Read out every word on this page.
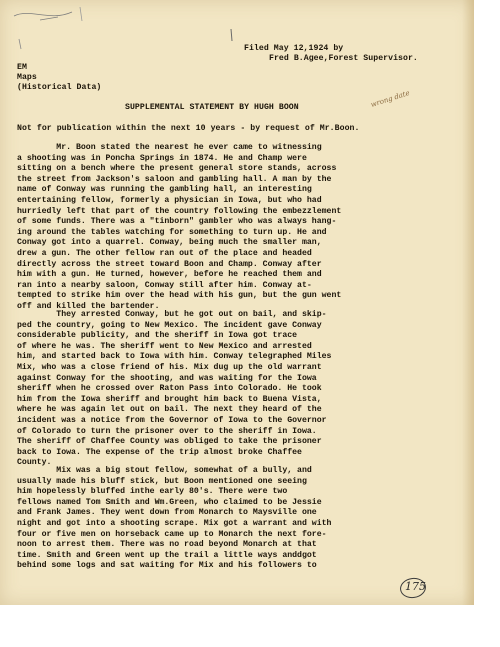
Filed May 12,1924 by

Fred B.Agee,Forest Supervisor.

EM

Maps

(Historical Data)

wrong date

SUPPLEMENTAL STATEMENT BY HUGH BOON

Not for publication within the next 10 years - by request of Mr.Boon.

Mr. Boon stated the nearest he ever came to witnessing
a shooting was in Poncha Springs in 1874. He and Champ were
sitting on a bench where the present general store stands, across
the street from Jackson's saloon and gambling hall. A man by the
name of Conway was running the gambling hall, an interesting
entertaining fellow, formerly a physician in Iowa, but who had
hurriedly left that part of the country following the embezzlement
of some funds. There was a "tinborn" gambler who was always hang-
ing around the tables watching for something to turn up. He and
Conway got into a quarrel. Conway, being much the smaller man,
drew a gun. The other fellow ran out of the place and headed
directly across the street toward Boon and Champ. Conway after
him with a gun. He turned, however, before he reached them and
ran into a nearby saloon, Conway still after him. Conway at-
tempted to strike him over the head with his gun, but the gun went
off and killed the bartender.
They arrested Conway, but he got out on bail, and skip-
ped the country, going to New Mexico. The incident gave Conway
considerable publicity, and the sheriff in Iowa got trace
of where he was. The sheriff went to New Mexico and arrested
him, and started back to Iowa with him. Conway telegraphed Miles
Mix, who was a close friend of his. Mix dug up the old warrant
against Conway for the shooting, and was waiting for the Iowa
sheriff when he crossed over Raton Pass into Colorado. He took
him from the Iowa sheriff and brought him back to Buena Vista,
where he was again let out on bail. The next they heard of the
incident was a notice from the Governor of Iowa to the Governor
of Colorado to turn the prisoner over to the sheriff in Iowa.
The sheriff of Chaffee County was obliged to take the prisoner
back to Iowa. The expense of the trip almost broke Chaffee
County.
Mix was a big stout fellow, somewhat of a bully, and
usually made his bluff stick, but Boon mentioned one seeing
him hopelessly bluffed inthe early 80's. There were two
fellows named Tom Smith and Wm.Green, who claimed to be Jessie
and Frank James. They went down from Monarch to Maysville one
night and got into a shooting scrape. Mix got a warrant and with
four or five men on horseback came up to Monarch the next fore-
noon to arrest them. There was no road beyond Monarch at that
time. Smith and Green went up the trail a little ways anddgot
behind some logs and sat waiting for Mix and his followers to
175
